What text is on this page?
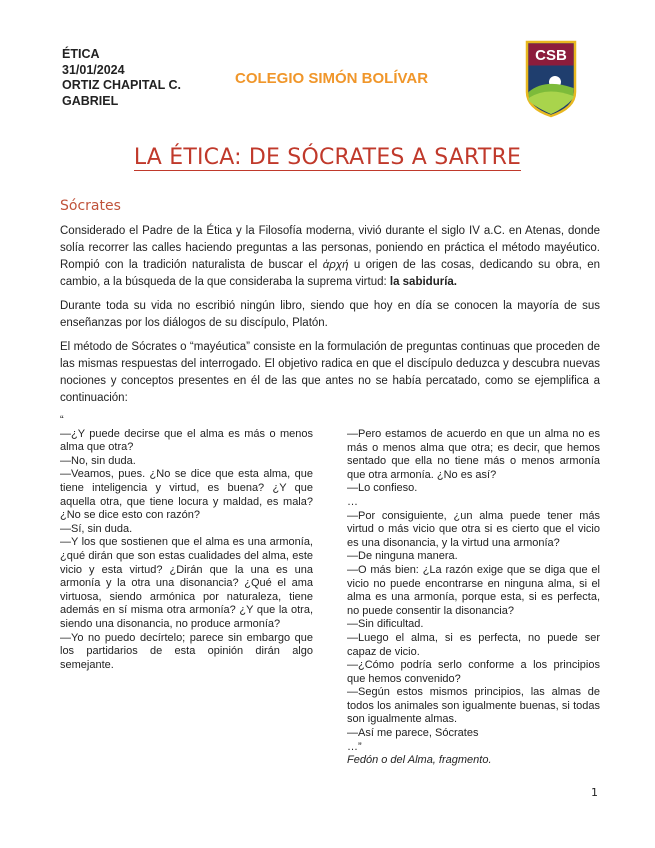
ÉTICA
31/01/2024
ORTIZ CHAPITAL C.
GABRIEL
COLEGIO SIMÓN BOLÍVAR
CSB
LA ÉTICA: DE SÓCRATES A SARTRE
Sócrates

Considerado el Padre de la Ética y la Filosofía moderna, vivió durante el siglo IV a.C. en Atenas, donde solía recorrer las calles haciendo preguntas a las personas, poniendo en práctica el método mayéutico. Rompió con la tradición naturalista de buscar el ἀρχή u origen de las cosas, dedicando su obra, en cambio, a la búsqueda de la que consideraba la suprema virtud: la sabiduría.

Durante toda su vida no escribió ningún libro, siendo que hoy en día se conocen la mayoría de sus enseñanzas por los diálogos de su discípulo, Platón.

El método de Sócrates o “mayéutica” consiste en la formulación de preguntas continuas que proceden de las mismas respuestas del interrogado. El objetivo radica en que el discípulo deduzca y descubra nuevas nociones y conceptos presentes en él de las que antes no se había percatado, como se ejemplifica a continuación:

“

—¿Y puede decirse que el alma es más o menos alma que otra?

—No, sin duda.

—Veamos, pues. ¿No se dice que esta alma, que tiene inteligencia y virtud, es buena? ¿Y que aquella otra, que tiene locura y maldad, es mala? ¿No se dice esto con razón?

—Sí, sin duda.

—Y los que sostienen que el alma es una armonía, ¿qué dirán que son estas cualidades del alma, este vicio y esta virtud? ¿Dirán que la una es una armonía y la otra una disonancia? ¿Qué el ama virtuosa, siendo armónica por naturaleza, tiene además en sí misma otra armonía? ¿Y que la otra, siendo una disonancia, no produce armonía?

—Yo no puedo decírtelo; parece sin embargo que los partidarios de esta opinión dirán algo semejante.

—Pero estamos de acuerdo en que un alma no es más o menos alma que otra; es decir, que hemos sentado que ella no tiene más o menos armonía que otra armonía. ¿No es así?

—Lo confieso.

…

—Por consiguiente, ¿un alma puede tener más virtud o más vicio que otra si es cierto que el vicio es una disonancia, y la virtud una armonía?

—De ninguna manera.

—O más bien: ¿La razón exige que se diga que el vicio no puede encontrarse en ninguna alma, si el alma es una armonía, porque esta, si es perfecta, no puede consentir la disonancia?

—Sin dificultad.

—Luego el alma, si es perfecta, no puede ser capaz de vicio.

—¿Cómo podría serlo conforme a los principios que hemos convenido?

—Según estos mismos principios, las almas de todos los animales son igualmente buenas, si todas son igualmente almas.

—Así me parece, Sócrates

…”

Fedón o del Alma, fragmento.

1
